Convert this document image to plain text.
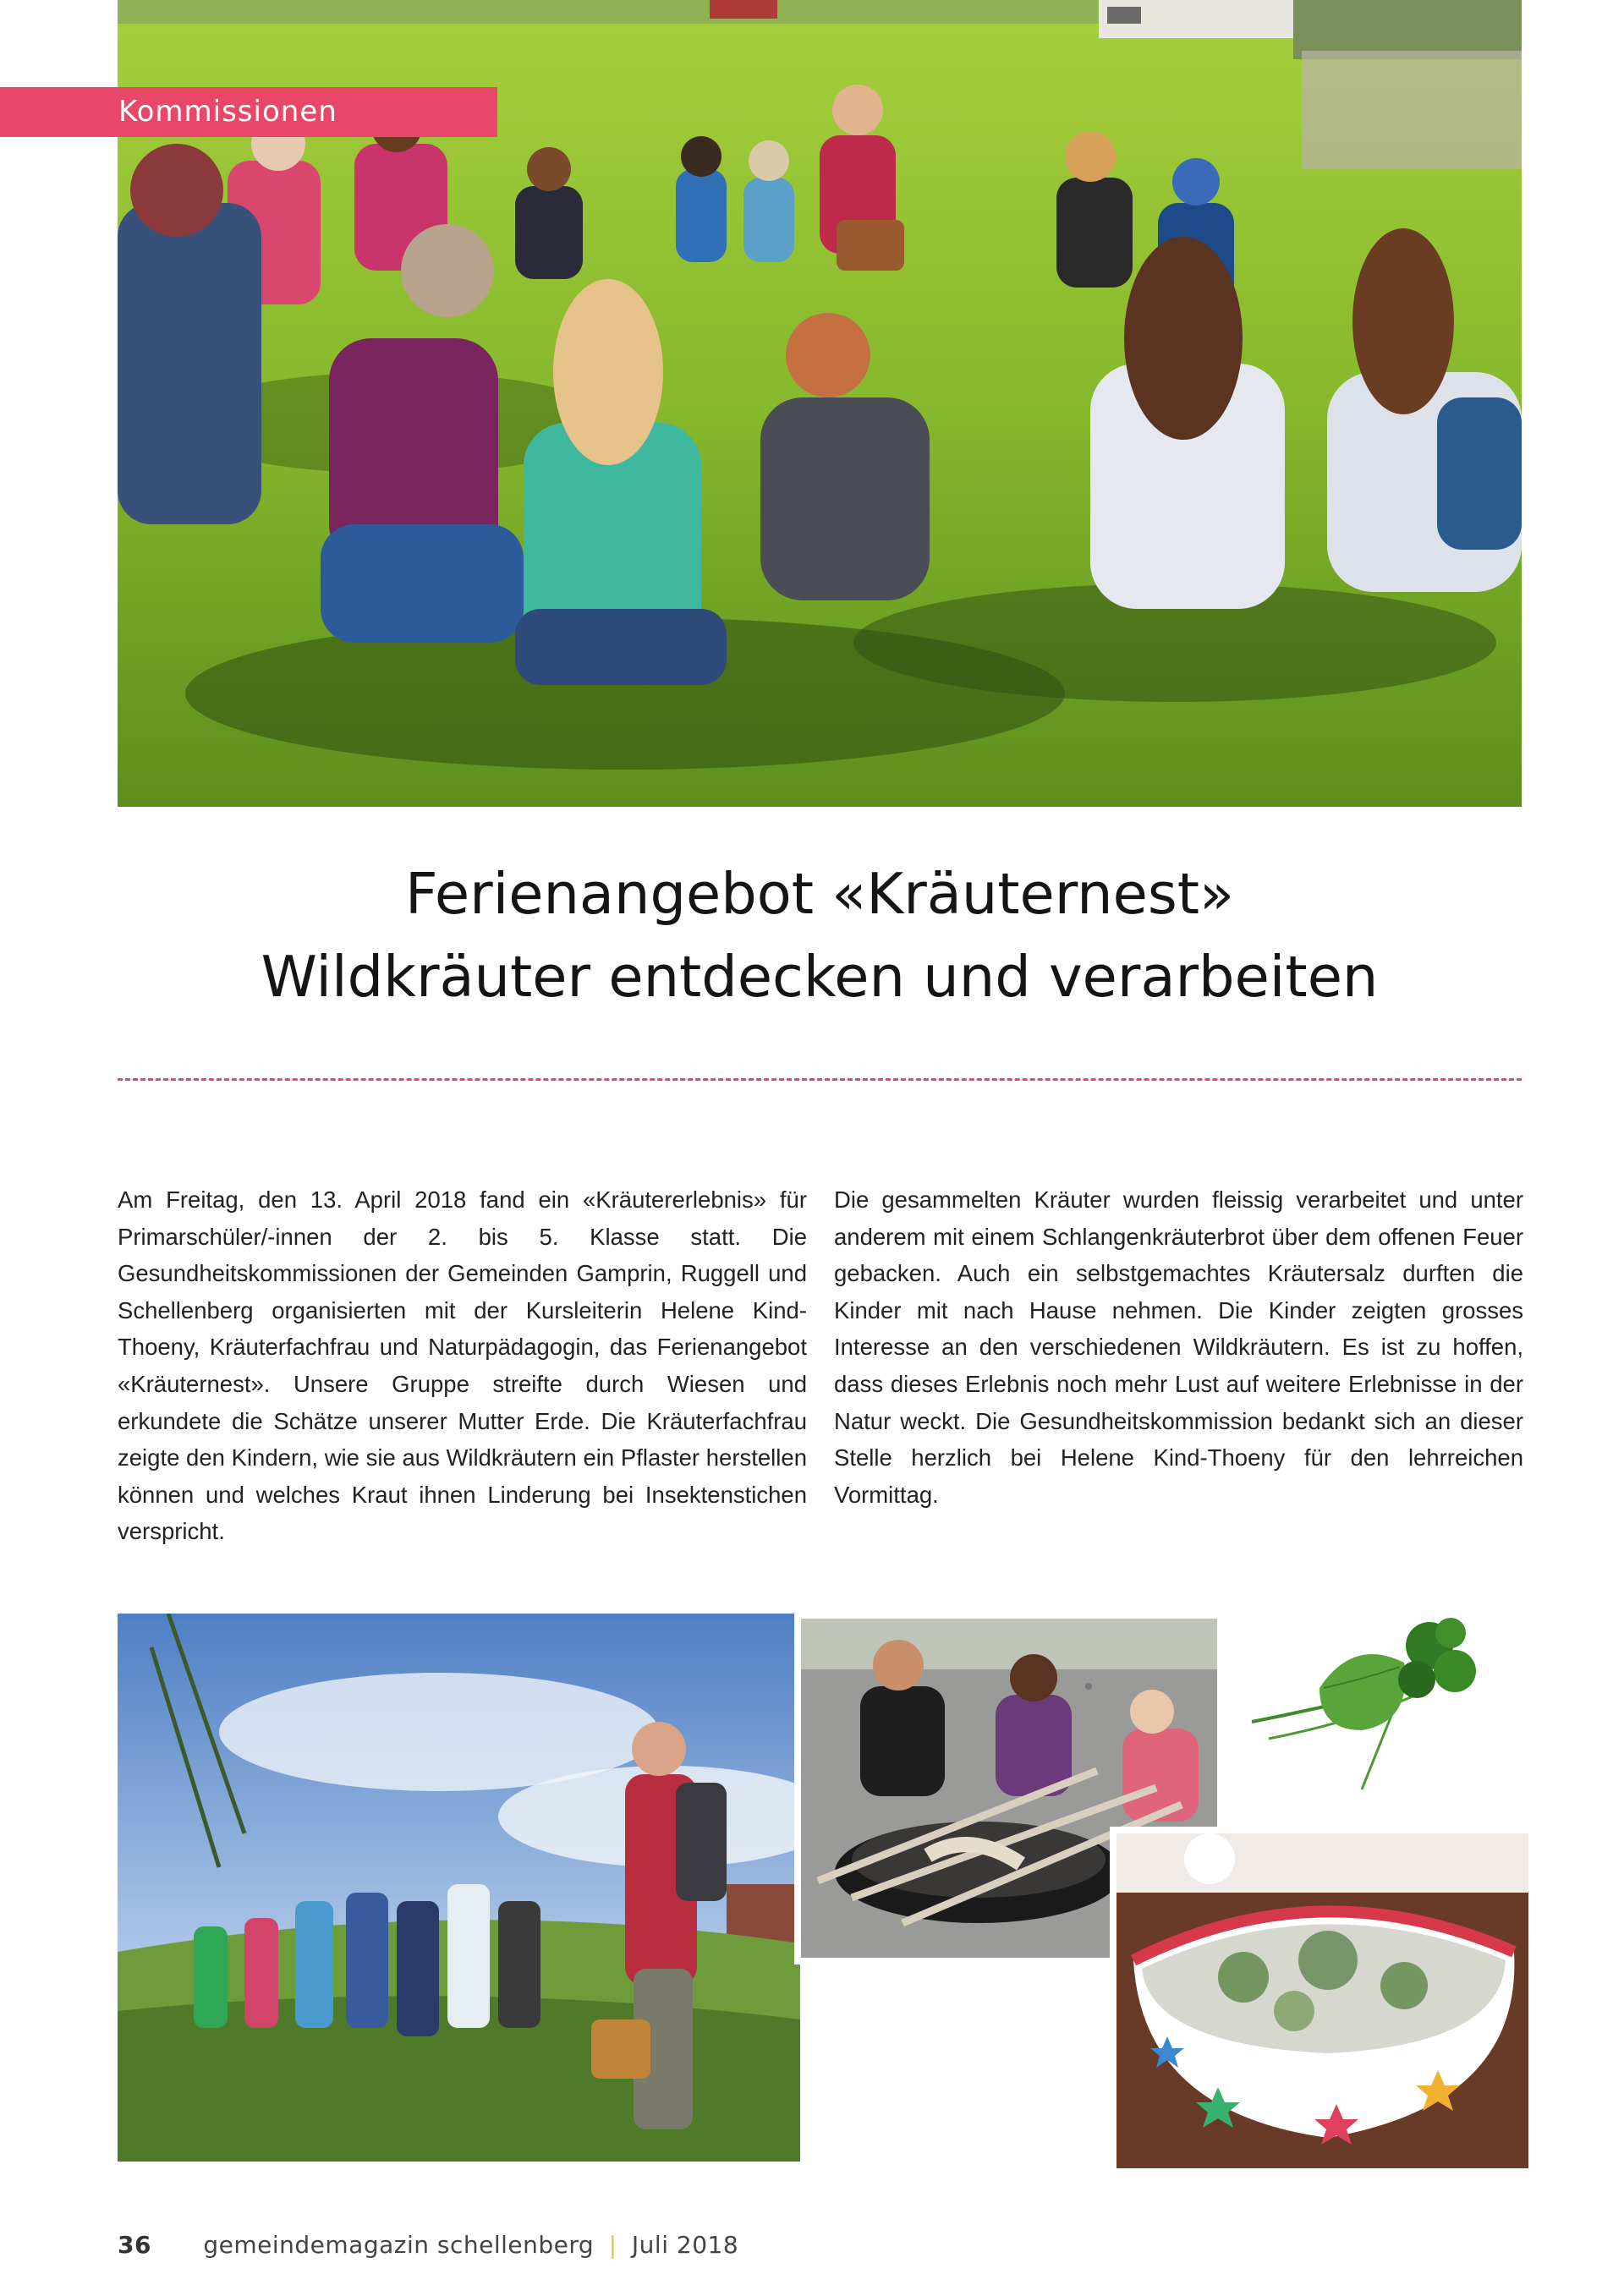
Kommissionen
Ferienangebot «Kräuternest»
Wildkräuter entdecken und verarbeiten

Am Freitag, den 13. April 2018 fand ein «Kräutererlebnis» für Primarschüler/-innen der 2. bis 5. Klasse statt. Die Gesundheitskommissionen der Gemeinden Gamprin, Ruggell und Schellenberg organisierten mit der Kursleiterin Helene Kind-Thoeny, Kräuterfachfrau und Naturpädagogin, das Ferienangebot «Kräuternest». Unsere Gruppe streifte durch Wiesen und erkundete die Schätze unserer Mutter Erde. Die Kräuterfachfrau zeigte den Kindern, wie sie aus Wildkräutern ein Pflaster herstellen können und welches Kraut ihnen Linderung bei Insektenstichen verspricht.

Die gesammelten Kräuter wurden fleissig verarbeitet und unter anderem mit einem Schlangenkräuterbrot über dem offenen Feuer gebacken. Auch ein selbstgemachtes Kräutersalz durften die Kinder mit nach Hause nehmen. Die Kinder zeigten grosses Interesse an den verschiedenen Wildkräutern. Es ist zu hoffen, dass dieses Erlebnis noch mehr Lust auf weitere Erlebnisse in der Natur weckt. Die Gesundheitskommission bedankt sich an dieser Stelle herzlich bei Helene Kind-Thoeny für den lehrreichen Vormittag.

36 gemeindemagazin schellenberg | Juli 2018
